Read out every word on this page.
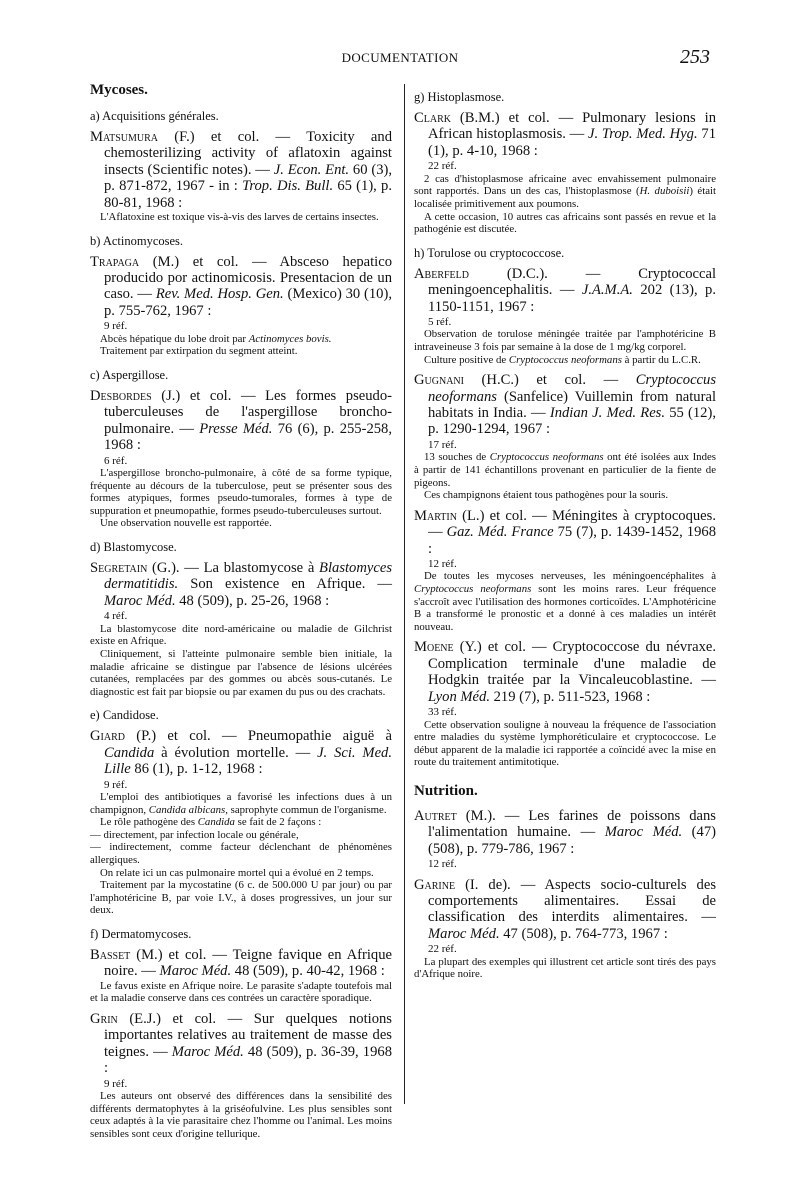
DOCUMENTATION	253
Mycoses.
a) Acquisitions générales.

Matsumura (F.) et col. — Toxicity and chemosterilizing activity of aflatoxin against insects (Scientific notes). — J. Econ. Ent. 60 (3), p. 871-872, 1967 - in : Trop. Dis. Bull. 65 (1), p. 80-81, 1968 :

L'Aflatoxine est toxique vis-à-vis des larves de certains insectes.

b) Actinomycoses.

Trapaga (M.) et col. — Absceso hepatico producido por actinomicosis. Presentacion de un caso. — Rev. Med. Hosp. Gen. (Mexico) 30 (10), p. 755-762, 1967 :

9 réf.

Abcès hépatique du lobe droit par Actinomyces bovis.

Traitement par extirpation du segment atteint.

c) Aspergillose.

Desbordes (J.) et col. — Les formes pseudo-tuberculeuses de l'aspergillose broncho-pulmonaire. — Presse Méd. 76 (6), p. 255-258, 1968 :

6 réf.

L'aspergillose broncho-pulmonaire, à côté de sa forme typique, fréquente au décours de la tuberculose, peut se présenter sous des formes atypiques, formes pseudo-tumorales, formes à type de suppuration et pneumopathie, formes pseudo-tuberculeuses surtout.

Une observation nouvelle est rapportée.

d) Blastomycose.

Segretain (G.). — La blastomycose à Blastomyces dermatitidis. Son existence en Afrique. — Maroc Méd. 48 (509), p. 25-26, 1968 :

4 réf.

La blastomycose dite nord-américaine ou maladie de Gilchrist existe en Afrique.

Cliniquement, si l'atteinte pulmonaire semble bien initiale, la maladie africaine se distingue par l'absence de lésions ulcérées cutanées, remplacées par des gommes ou abcès sous-cutanés. Le diagnostic est fait par biopsie ou par examen du pus ou des crachats.

e) Candidose.

Giard (P.) et col. — Pneumopathie aiguë à Candida à évolution mortelle. — J. Sci. Med. Lille 86 (1), p. 1-12, 1968 :

9 réf.

L'emploi des antibiotiques a favorisé les infections dues à un champignon, Candida albicans, saprophyte commun de l'organisme.

Le rôle pathogène des Candida se fait de 2 façons :

— directement, par infection locale ou générale,

— indirectement, comme facteur déclenchant de phénomènes allergiques.

On relate ici un cas pulmonaire mortel qui a évolué en 2 temps.

Traitement par la mycostatine (6 c. de 500.000 U par jour) ou par l'amphotéricine B, par voie I.V., à doses progressives, un jour sur deux.

f) Dermatomycoses.

Basset (M.) et col. — Teigne favique en Afrique noire. — Maroc Méd. 48 (509), p. 40-42, 1968 :

Le favus existe en Afrique noire. Le parasite s'adapte toutefois mal et la maladie conserve dans ces contrées un caractère sporadique.

Grin (E.J.) et col. — Sur quelques notions importantes relatives au traitement de masse des teignes. — Maroc Méd. 48 (509), p. 36-39, 1968 :

9 réf.

Les auteurs ont observé des différences dans la sensibilité des différents dermatophytes à la griséofulvine. Les plus sensibles sont ceux adaptés à la vie parasitaire chez l'homme ou l'animal. Les moins sensibles sont ceux d'origine tellurique.

g) Histoplasmose.

Clark (B.M.) et col. — Pulmonary lesions in African histoplasmosis. — J. Trop. Med. Hyg. 71 (1), p. 4-10, 1968 :

22 réf.

2 cas d'histoplasmose africaine avec envahissement pulmonaire sont rapportés. Dans un des cas, l'histoplasmose (H. duboisii) était localisée primitivement aux poumons.

A cette occasion, 10 autres cas africains sont passés en revue et la pathogénie est discutée.

h) Torulose ou cryptococcose.

Aberfeld (D.C.). — Cryptococcal meningoencephalitis. — J.A.M.A. 202 (13), p. 1150-1151, 1967 :

5 réf.

Observation de torulose méningée traitée par l'amphotéricine B intraveineuse 3 fois par semaine à la dose de 1 mg/kg corporel.

Culture positive de Cryptococcus neoformans à partir du L.C.R.

Gugnani (H.C.) et col. — Cryptococcus neoformans (Sanfelice) Vuillemin from natural habitats in India. — Indian J. Med. Res. 55 (12), p. 1290-1294, 1967 :

17 réf.

13 souches de Cryptococcus neoformans ont été isolées aux Indes à partir de 141 échantillons provenant en particulier de la fiente de pigeons.

Ces champignons étaient tous pathogènes pour la souris.

Martin (L.) et col. — Méningites à cryptocoques. — Gaz. Méd. France 75 (7), p. 1439-1452, 1968 :

12 réf.

De toutes les mycoses nerveuses, les méningoencéphalites à Cryptococcus neoformans sont les moins rares. Leur fréquence s'accroît avec l'utilisation des hormones corticoïdes. L'Amphotéricine B a transformé le pronostic et a donné à ces maladies un intérêt nouveau.

Moene (Y.) et col. — Cryptococcose du névraxe. Complication terminale d'une maladie de Hodgkin traitée par la Vincaleucoblastine. — Lyon Méd. 219 (7), p. 511-523, 1968 :

33 réf.

Cette observation souligne à nouveau la fréquence de l'association entre maladies du système lymphoréticulaire et cryptococcose. Le début apparent de la maladie ici rapportée a coïncidé avec la mise en route du traitement antimitotique.

Nutrition.

Autret (M.). — Les farines de poissons dans l'alimentation humaine. — Maroc Méd. (47) (508), p. 779-786, 1967 :

12 réf.

Garine (I. de). — Aspects socio-culturels des comportements alimentaires. Essai de classification des interdits alimentaires. — Maroc Méd. 47 (508), p. 764-773, 1967 :

22 réf.

La plupart des exemples qui illustrent cet article sont tirés des pays d'Afrique noire.
